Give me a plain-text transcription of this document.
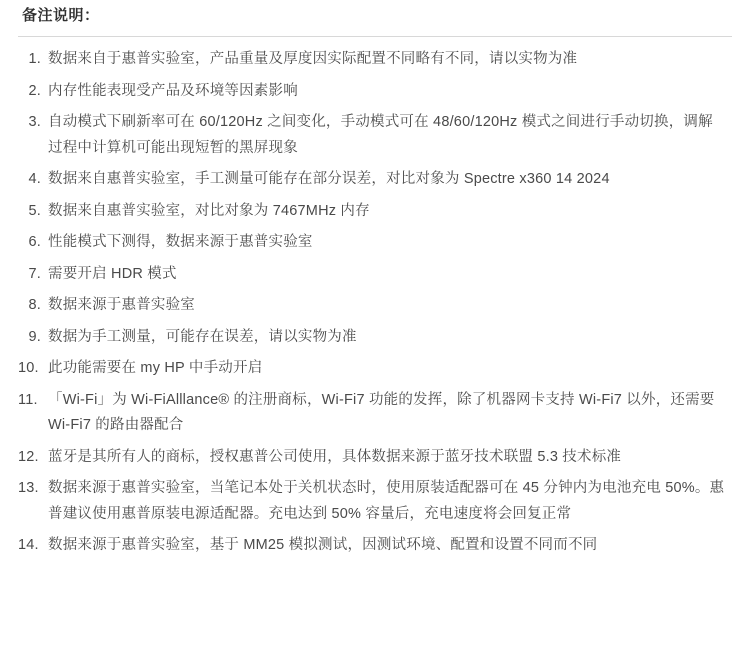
备注说明：
1. 数据来自于惠普实验室，产品重量及厚度因实际配置不同略有不同，请以实物为准
2. 内存性能表现受产品及环境等因素影响
3. 自动模式下刷新率可在 60/120Hz 之间变化，手动模式可在 48/60/120Hz 模式之间进行手动切换，调解过程中计算机可能出现短暂的黑屏现象
4. 数据来自惠普实验室，手工测量可能存在部分误差，对比对象为 Spectre x360 14 2024
5. 数据来自惠普实验室，对比对象为 7467MHz 内存
6. 性能模式下测得，数据来源于惠普实验室
7. 需要开启 HDR 模式
8. 数据来源于惠普实验室
9. 数据为手工测量，可能存在误差，请以实物为准
10. 此功能需要在 my HP 中手动开启
11. 「Wi-Fi」为 Wi-FiAlllance® 的注册商标，Wi-Fi7 功能的发挥，除了机器网卡支持 Wi-Fi7 以外，还需要 Wi-Fi7 的路由器配合
12. 蓝牙是其所有人的商标，授权惠普公司使用，具体数据来源于蓝牙技术联盟 5.3 技术标准
13. 数据来源于惠普实验室，当笔记本处于关机状态时，使用原装适配器可在 45 分钟内为电池充电 50%。惠普建议使用惠普原装电源适配器。充电达到 50% 容量后，充电速度将会回复正常
14. 数据来源于惠普实验室，基于 MM25 模拟测试，因测试环境、配置和设置不同而不同
